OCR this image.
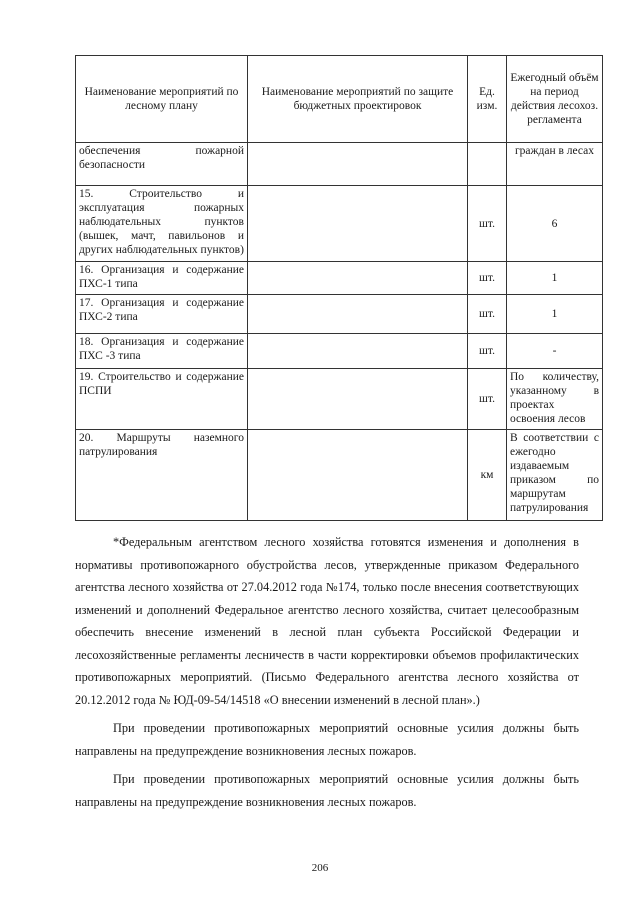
Наименование мероприятий по лесному плану	Наименование мероприятий по защите бюджетных проектировок	Ед. изм.	Ежегодный объём на период действия лесохоз. регламента
обеспечения пожарной безопасности			граждан в лесах
15. Строительство и эксплуатация пожарных наблюдательных пунктов (вышек, мачт, павильонов и других наблюдательных пунктов)		шт.	6
16. Организация и содержание ПХС-1 типа		шт.	1
17. Организация и содержание ПХС-2 типа		шт.	1
18. Организация и содержание ПХС -3 типа		шт.	-
19. Строительство и содержание ПСПИ		шт.	По количеству, указанному в проектах освоения лесов
20. Маршруты наземного патрулирования		км	В соответствии с ежегодно издаваемым приказом по маршрутам патрулирования

*Федеральным агентством лесного хозяйства готовятся изменения и дополнения в нормативы противопожарного обустройства лесов, утвержденные приказом Федерального агентства лесного хозяйства от 27.04.2012 года №174, только после внесения соответствующих изменений и дополнений Федеральное агентство лесного хозяйства, считает целесообразным обеспечить внесение изменений в лесной план субъекта Российской Федерации и лесохозяйственные регламенты лесничеств в части корректировки объемов профилактических противопожарных мероприятий. (Письмо Федерального агентства лесного хозяйства от 20.12.2012 года № ЮД-09-54/14518 «О внесении изменений в лесной план».)

При проведении противопожарных мероприятий основные усилия должны быть направлены на предупреждение возникновения лесных пожаров.

При проведении противопожарных мероприятий основные усилия должны быть направлены на предупреждение возникновения лесных пожаров.

206
